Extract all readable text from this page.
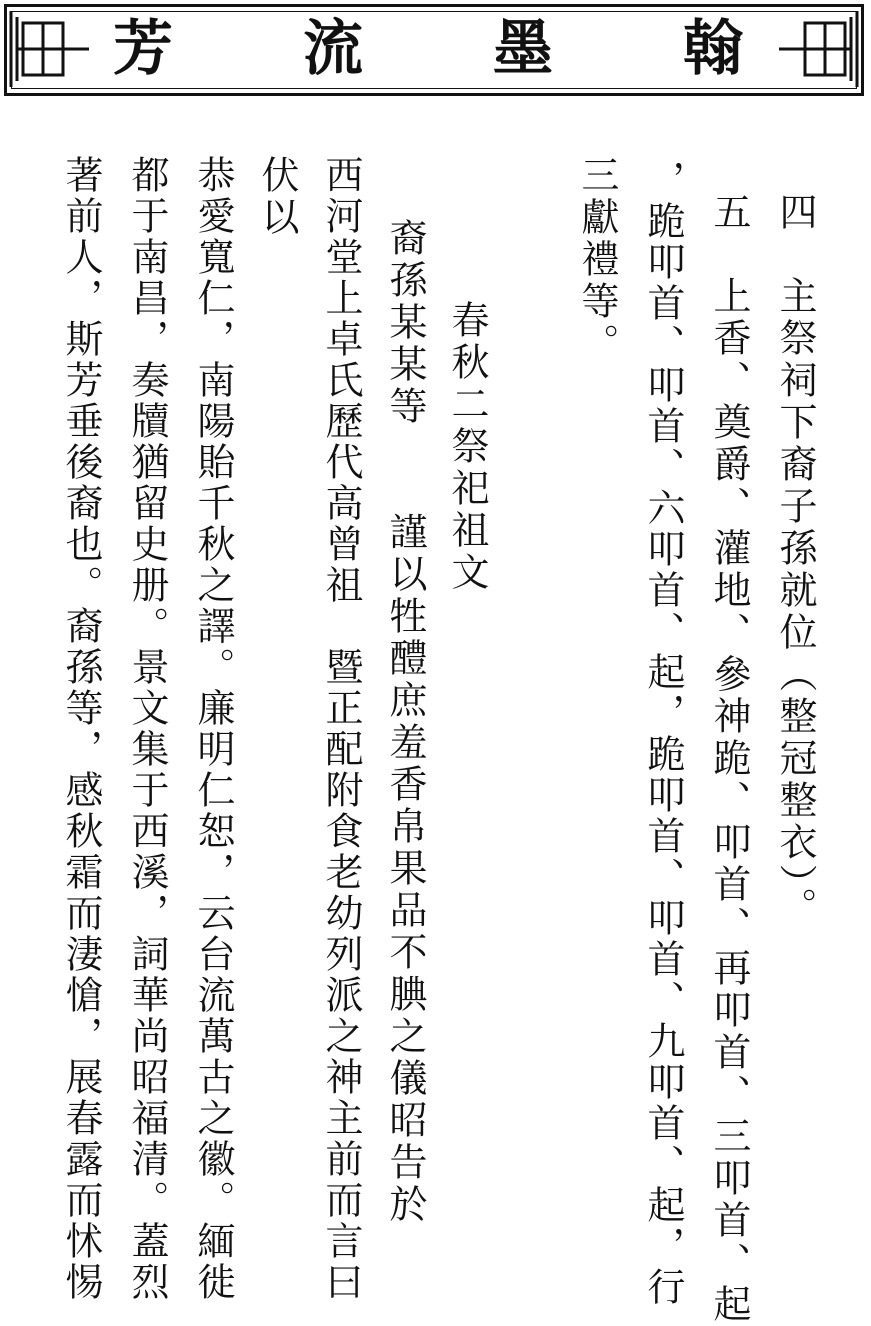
翰
墨
流
芳
四　主祭祠下裔子孫就位（整冠整衣）。
五　上香、奠爵、灌地、參神跪、叩首、再叩首、三叩首、起
，跪叩首、叩首、六叩首、起，跪叩首、叩首、九叩首、起，行
三獻禮等。
春秋二祭祀祖文
裔孫某某等　　謹以牲醴庶羞香帛果品不腆之儀昭告於
西河堂上卓氏歷代高曾祖　暨正配附食老幼列派之神主前而言曰
伏以
恭愛寬仁，南陽貽千秋之譯。廉明仁恕，云台流萬古之徽。緬徙
都于南昌，奏牘猶留史册。景文集于西溪，詞華尚昭福清。蓋烈
著前人，斯芳垂後裔也。裔孫等，感秋霜而淒愴，展春露而怵惕
